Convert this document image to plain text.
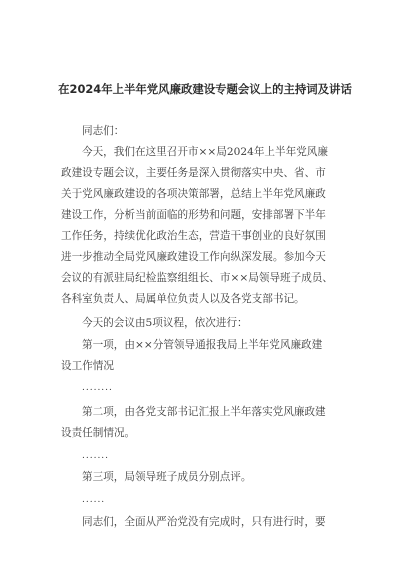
在2024年上半年党风廉政建设专题会议上的主持词及讲话
同志们：
今天，我们在这里召开市××局2024年上半年党风廉
政建设专题会议，主要任务是深入贯彻落实中央、省、市
关于党风廉政建设的各项决策部署，总结上半年党风廉政
建设工作，分析当前面临的形势和问题，安排部署下半年
工作任务，持续优化政治生态，营造干事创业的良好氛围
进一步推动全局党风廉政建设工作向纵深发展。参加今天
会议的有派驻局纪检监察组组长、市××局领导班子成员、
各科室负责人、局属单位负责人以及各党支部书记。
今天的会议由5项议程，依次进行：
第一项，由××分管领导通报我局上半年党风廉政建
设工作情况
........
第二项，由各党支部书记汇报上半年落实党风廉政建
设责任制情况。
.......
第三项，局领导班子成员分别点评。
......
同志们，全面从严治党没有完成时，只有进行时，要
